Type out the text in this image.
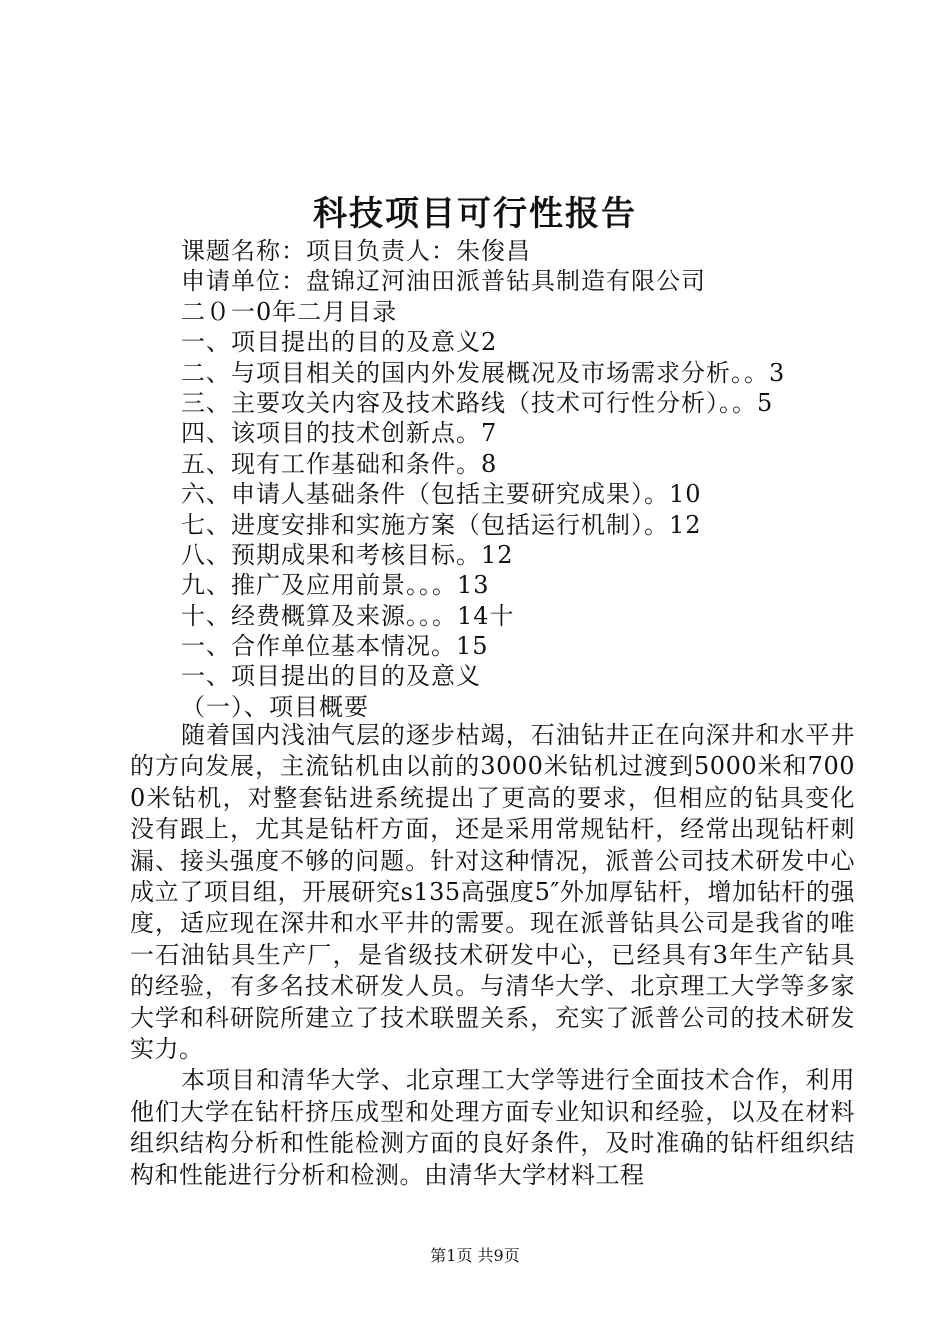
科技项目可行性报告
课题名称：项目负责人：朱俊昌
申请单位：盘锦辽河油田派普钻具制造有限公司
二０一0年二月目录
一、项目提出的目的及意义2
二、与项目相关的国内外发展概况及市场需求分析。。3
三、主要攻关内容及技术路线（技术可行性分析）。。5
四、该项目的技术创新点。7
五、现有工作基础和条件。8
六、申请人基础条件（包括主要研究成果）。10
七、进度安排和实施方案（包括运行机制）。12
八、预期成果和考核目标。12
九、推广及应用前景。。。13
十、经费概算及来源。。。14十
一、合作单位基本情况。15
一、项目提出的目的及意义
（一）、项目概要

随着国内浅油气层的逐步枯竭，石油钻井正在向深井和水平井的方向发展，主流钻机由以前的3000米钻机过渡到5000米和7000米钻机，对整套钻进系统提出了更高的要求，但相应的钻具变化没有跟上，尤其是钻杆方面，还是采用常规钻杆，经常出现钻杆刺漏、接头强度不够的问题。针对这种情况，派普公司技术研发中心成立了项目组，开展研究s135高强度5″外加厚钻杆，增加钻杆的强度，适应现在深井和水平井的需要。现在派普钻具公司是我省的唯一石油钻具生产厂，是省级技术研发中心，已经具有3年生产钻具的经验，有多名技术研发人员。与清华大学、北京理工大学等多家大学和科研院所建立了技术联盟关系，充实了派普公司的技术研发实力。

本项目和清华大学、北京理工大学等进行全面技术合作，利用他们大学在钻杆挤压成型和处理方面专业知识和经验，以及在材料组织结构分析和性能检测方面的良好条件，及时准确的钻杆组织结构和性能进行分析和检测。由清华大学材料工程

第1页 共9页
